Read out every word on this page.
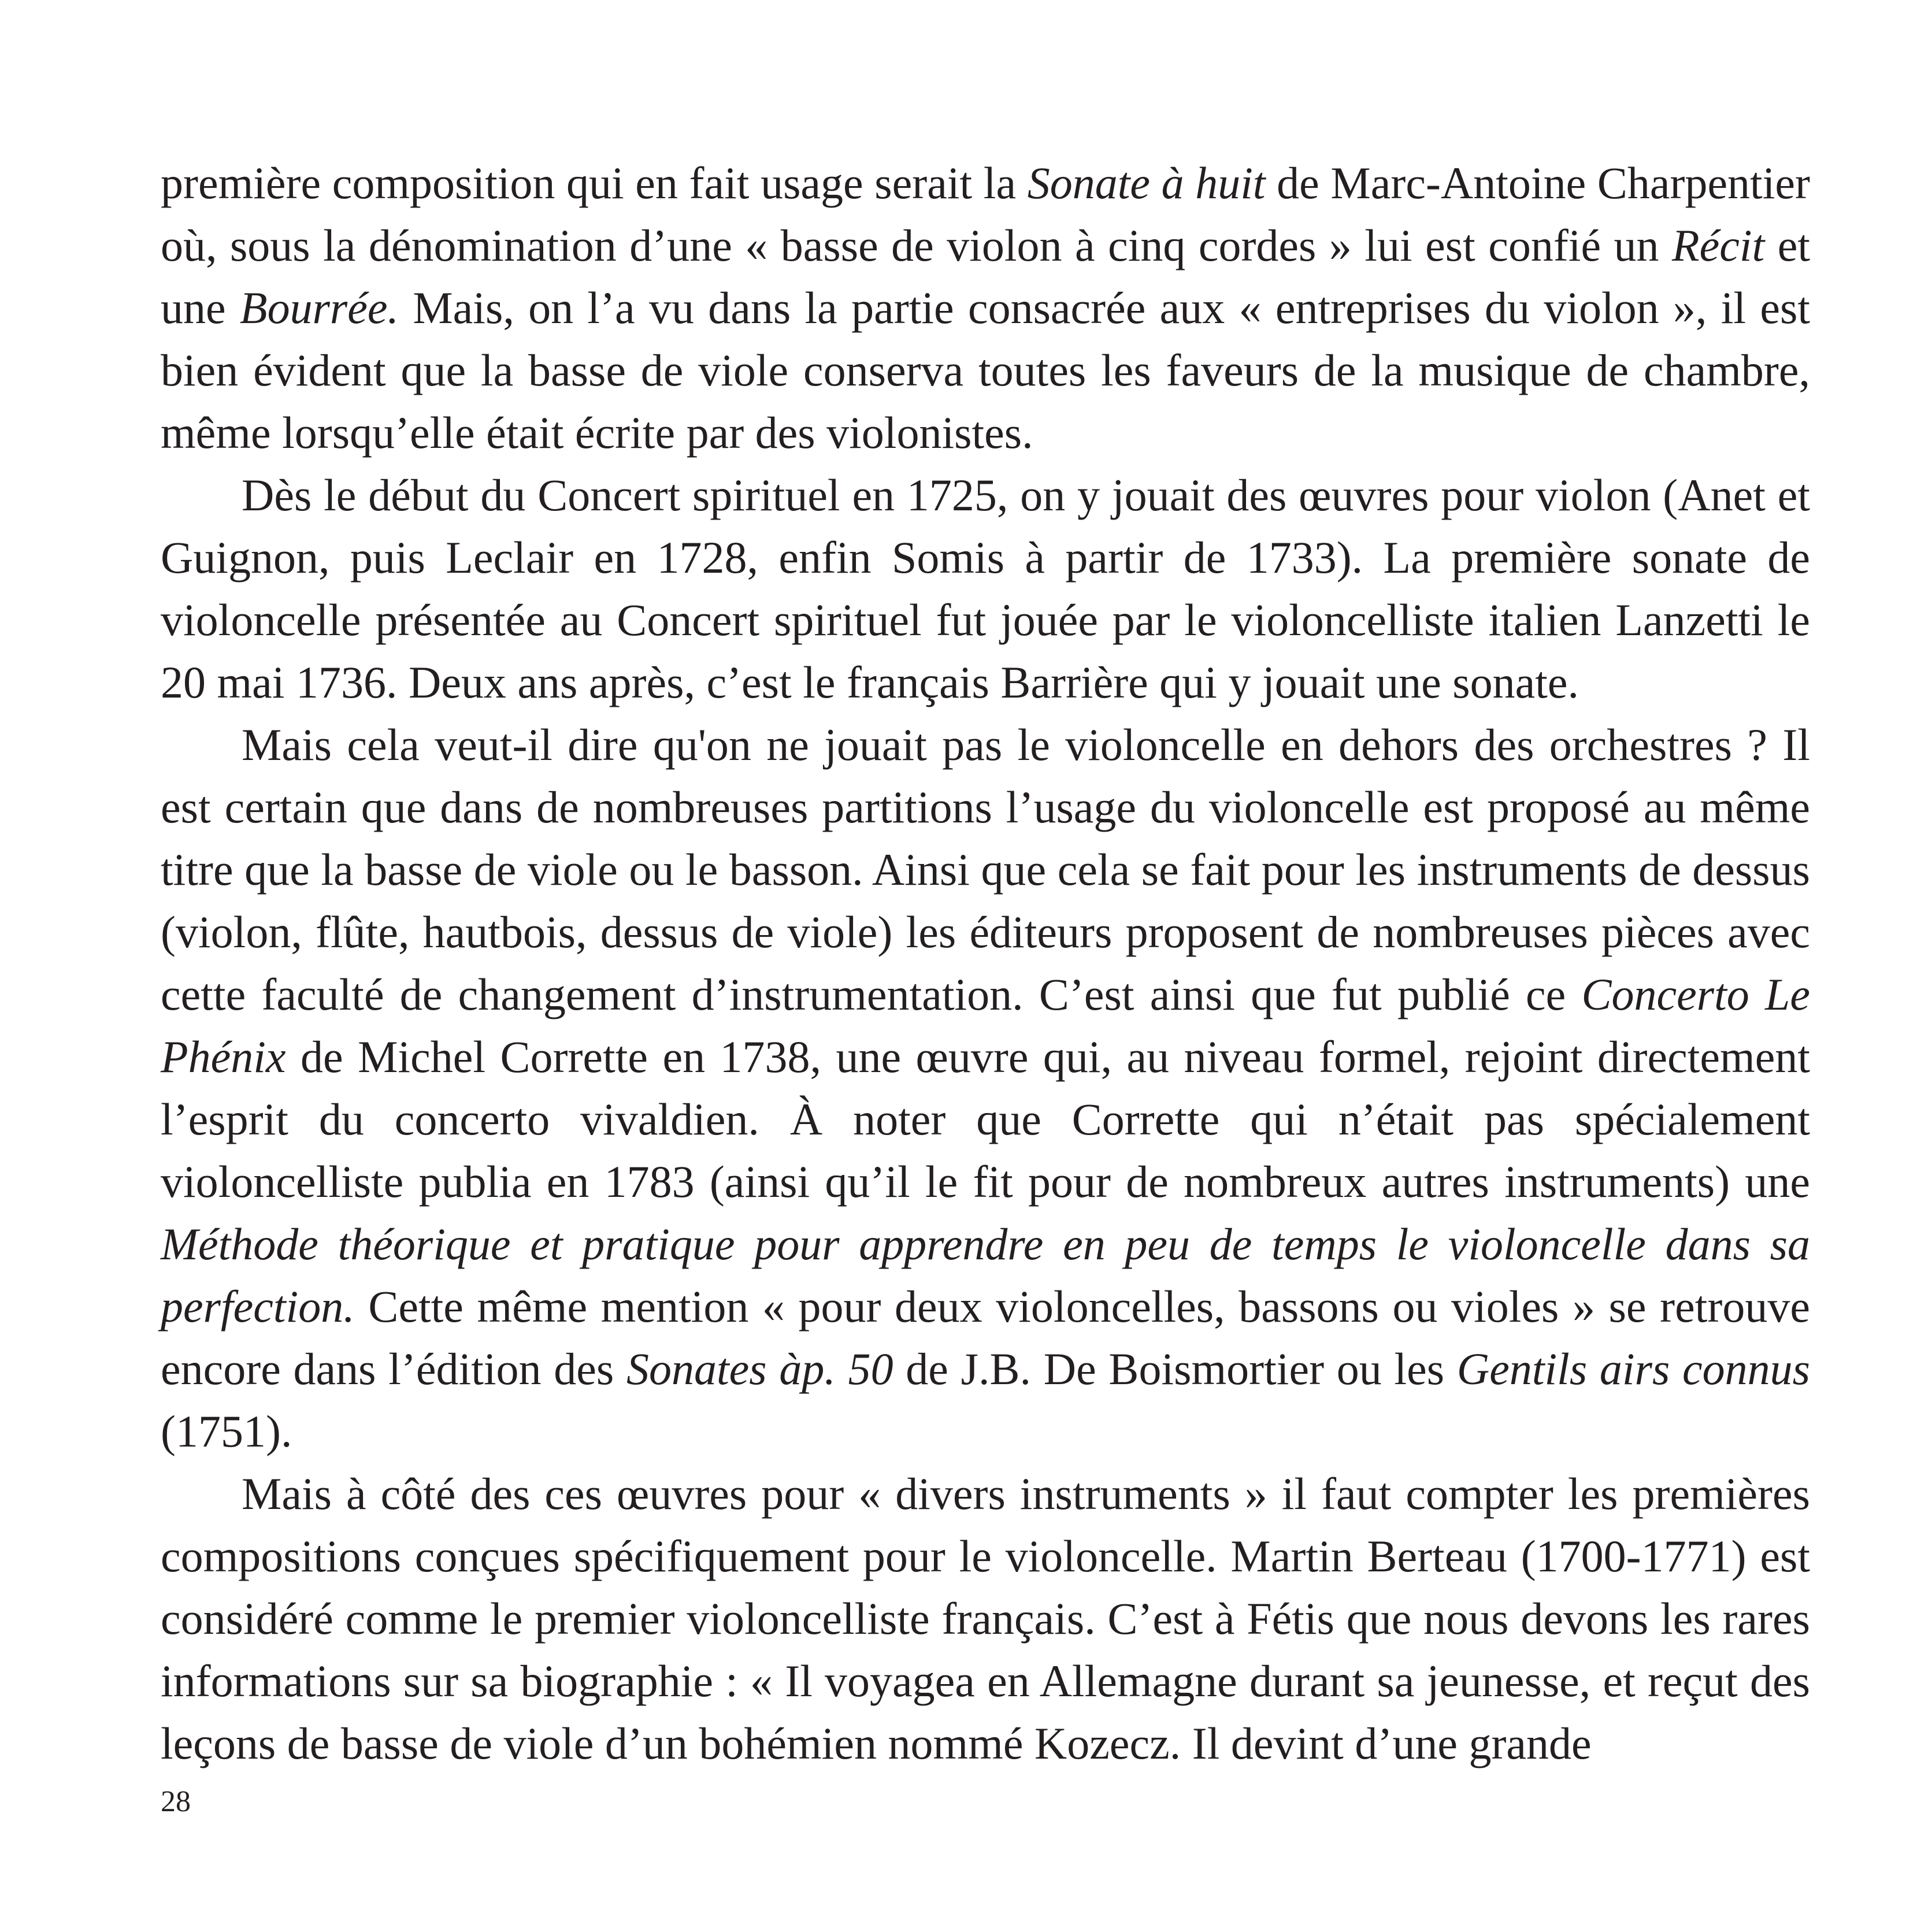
première composition qui en fait usage serait la Sonate à huit de Marc-Antoine Charpentier où, sous la dénomination d’une « basse de violon à cinq cordes » lui est confié un Récit et une Bourrée. Mais, on l’a vu dans la partie consacrée aux « entreprises du violon », il est bien évident que la basse de viole conserva toutes les faveurs de la musique de chambre, même lorsqu’elle était écrite par des violonistes.

Dès le début du Concert spirituel en 1725, on y jouait des œuvres pour violon (Anet et Guignon, puis Leclair en 1728, enfin Somis à partir de 1733). La première sonate de violoncelle présentée au Concert spirituel fut jouée par le violoncelliste italien Lanzetti le 20 mai 1736. Deux ans après, c’est le français Barrière qui y jouait une sonate.

Mais cela veut-il dire qu'on ne jouait pas le violoncelle en dehors des orchestres ? Il est certain que dans de nombreuses partitions l’usage du violoncelle est proposé au même titre que la basse de viole ou le basson. Ainsi que cela se fait pour les instruments de dessus (violon, flûte, hautbois, dessus de viole) les éditeurs proposent de nombreuses pièces avec cette faculté de changement d’instrumentation. C’est ainsi que fut publié ce Concerto Le Phénix de Michel Corrette en 1738, une œuvre qui, au niveau formel, rejoint directement l’esprit du concerto vivaldien. À noter que Corrette qui n’était pas spécialement violoncelliste publia en 1783 (ainsi qu’il le fit pour de nombreux autres instruments) une Méthode théorique et pratique pour apprendre en peu de temps le violoncelle dans sa perfection. Cette même mention « pour deux violoncelles, bassons ou violes » se retrouve encore dans l’édition des Sonates àp. 50 de J.B. De Boismortier ou les Gentils airs connus (1751).

Mais à côté des ces œuvres pour « divers instruments » il faut compter les premières compositions conçues spécifiquement pour le violoncelle. Martin Berteau (1700-1771) est considéré comme le premier violoncelliste français. C’est à Fétis que nous devons les rares informations sur sa biographie : « Il voyagea en Allemagne durant sa jeunesse, et reçut des leçons de basse de viole d’un bohémien nommé Kozecz. Il devint d’une grande

28
